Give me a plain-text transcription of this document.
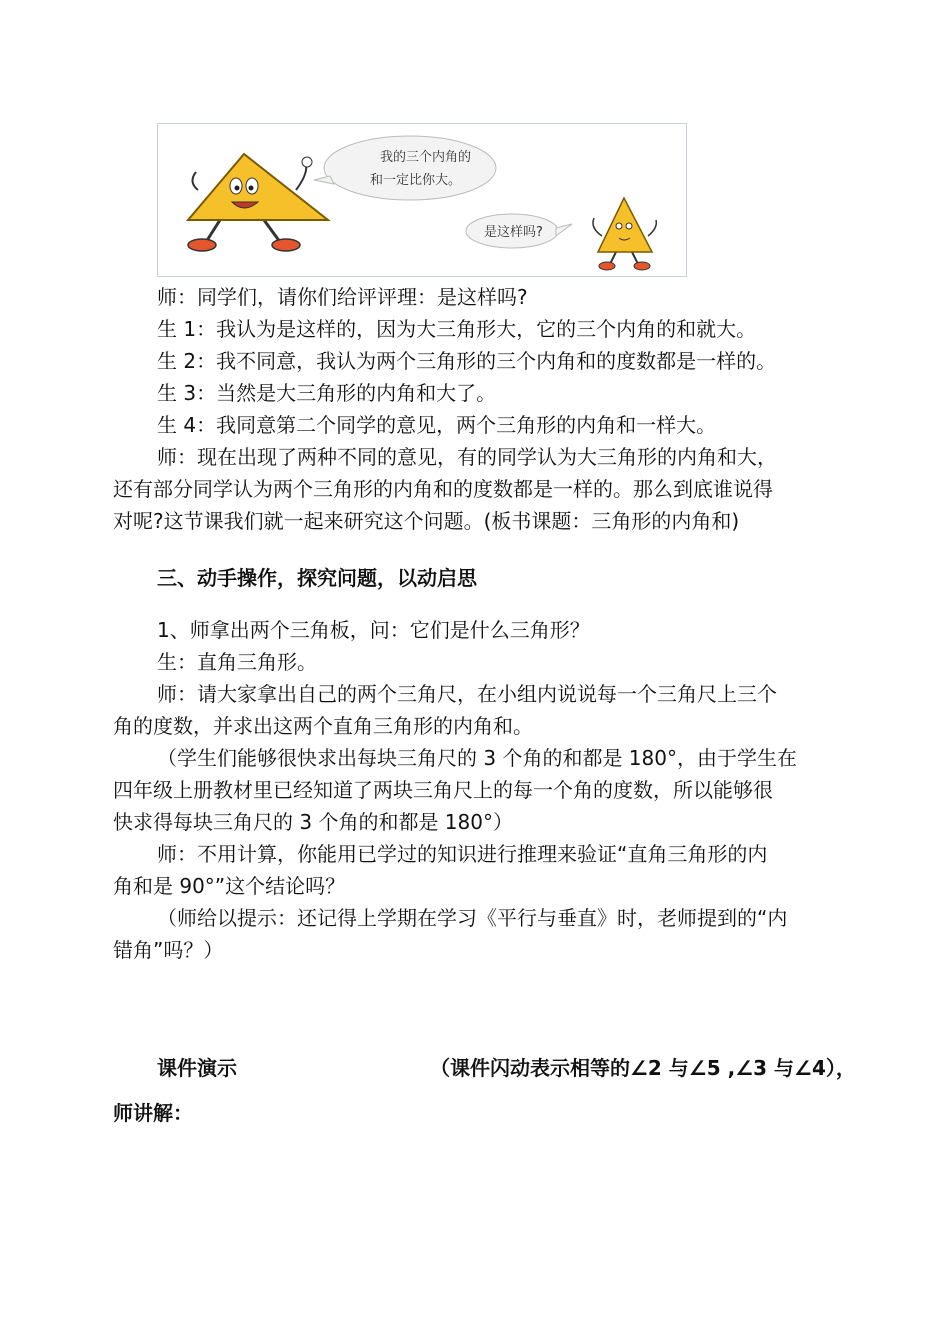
我的三个内角的
和一定比你大。
是这样吗?
师：同学们，请你们给评评理：是这样吗?
生 1：我认为是这样的，因为大三角形大，它的三个内角的和就大。
生 2：我不同意，我认为两个三角形的三个内角和的度数都是一样的。
生 3：当然是大三角形的内角和大了。
生 4：我同意第二个同学的意见，两个三角形的内角和一样大。
师：现在出现了两种不同的意见，有的同学认为大三角形的内角和大，
还有部分同学认为两个三角形的内角和的度数都是一样的。那么到底谁说得
对呢?这节课我们就一起来研究这个问题。(板书课题：三角形的内角和)
三、动手操作，探究问题，以动启思
1、师拿出两个三角板，问：它们是什么三角形？
生：直角三角形。
师：请大家拿出自己的两个三角尺，在小组内说说每一个三角尺上三个
角的度数，并求出这两个直角三角形的内角和。
（学生们能够很快求出每块三角尺的 3 个角的和都是 180°，由于学生在
四年级上册教材里已经知道了两块三角尺上的每一个角的度数，所以能够很
快求得每块三角尺的 3 个角的和都是 180°）
师：不用计算，你能用已学过的知识进行推理来验证“直角三角形的内
角和是 90°”这个结论吗？
（师给以提示：还记得上学期在学习《平行与垂直》时，老师提到的“内
错角”吗？）
课件演示	（课件闪动表示相等的∠2 与∠5 ,∠3 与∠4），
师讲解：
